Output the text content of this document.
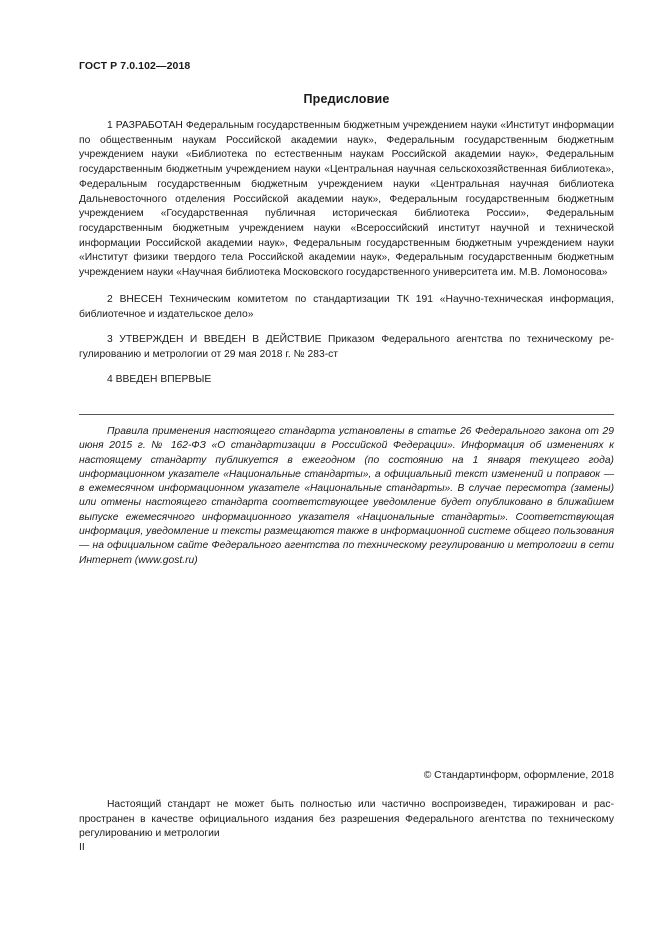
ГОСТ Р 7.0.102—2018
Предисловие

1 РАЗРАБОТАН Федеральным государственным бюджетным учреждением науки «Институт информации по общественным наукам Российской академии наук», Федеральным государственным бюджетным учреждением науки «Библиотека по естественным наукам Российской академии наук», Федеральным государственным бюджетным учреждением науки «Центральная научная сельскохозяйственная библиотека», Федеральным государственным бюджетным учреждением науки «Центральная научная библиотека Дальневосточного отделения Российской академии наук», Федеральным государственным бюджетным учреждением «Государственная публичная историческая библиотека России», Федеральным государственным бюджетным учреждением науки «Всероссийский институт научной и технической информации Российской академии наук», Федеральным государственным бюджетным учреждением науки «Институт физики твердого тела Российской академии наук», Федеральным государственным бюджетным учреждением науки «Научная библиотека Московского государственного университета им. М.В. Ломоносова»

2 ВНЕСЕН Техническим комитетом по стандартизации ТК 191 «Научно-техническая информация, библиотечное и издательское дело»

3 УТВЕРЖДЕН И ВВЕДЕН В ДЕЙСТВИЕ Приказом Федерального агентства по техническому регулированию и метрологии от 29 мая 2018 г. № 283-ст

4 ВВЕДЕН ВПЕРВЫЕ

Правила применения настоящего стандарта установлены в статье 26 Федерального закона от 29 июня 2015 г. № 162-ФЗ «О стандартизации в Российской Федерации». Информация об изменениях к настоящему стандарту публикуется в ежегодном (по состоянию на 1 января текущего года) информационном указателе «Национальные стандарты», а официальный текст изменений и поправок — в ежемесячном информационном указателе «Национальные стандарты». В случае пересмотра (замены) или отмены настоящего стандарта соответствующее уведомление будет опубликовано в ближайшем выпуске ежемесячного информационного указателя «Национальные стандарты». Соответствующая информация, уведомление и тексты размещаются также в информационной системе общего пользования — на официальном сайте Федерального агентства по техническому регулированию и метрологии в сети Интернет (www.gost.ru)

© Стандартинформ, оформление, 2018

Настоящий стандарт не может быть полностью или частично воспроизведен, тиражирован и распространен в качестве официального издания без разрешения Федерального агентства по техническому регулированию и метрологии

II
